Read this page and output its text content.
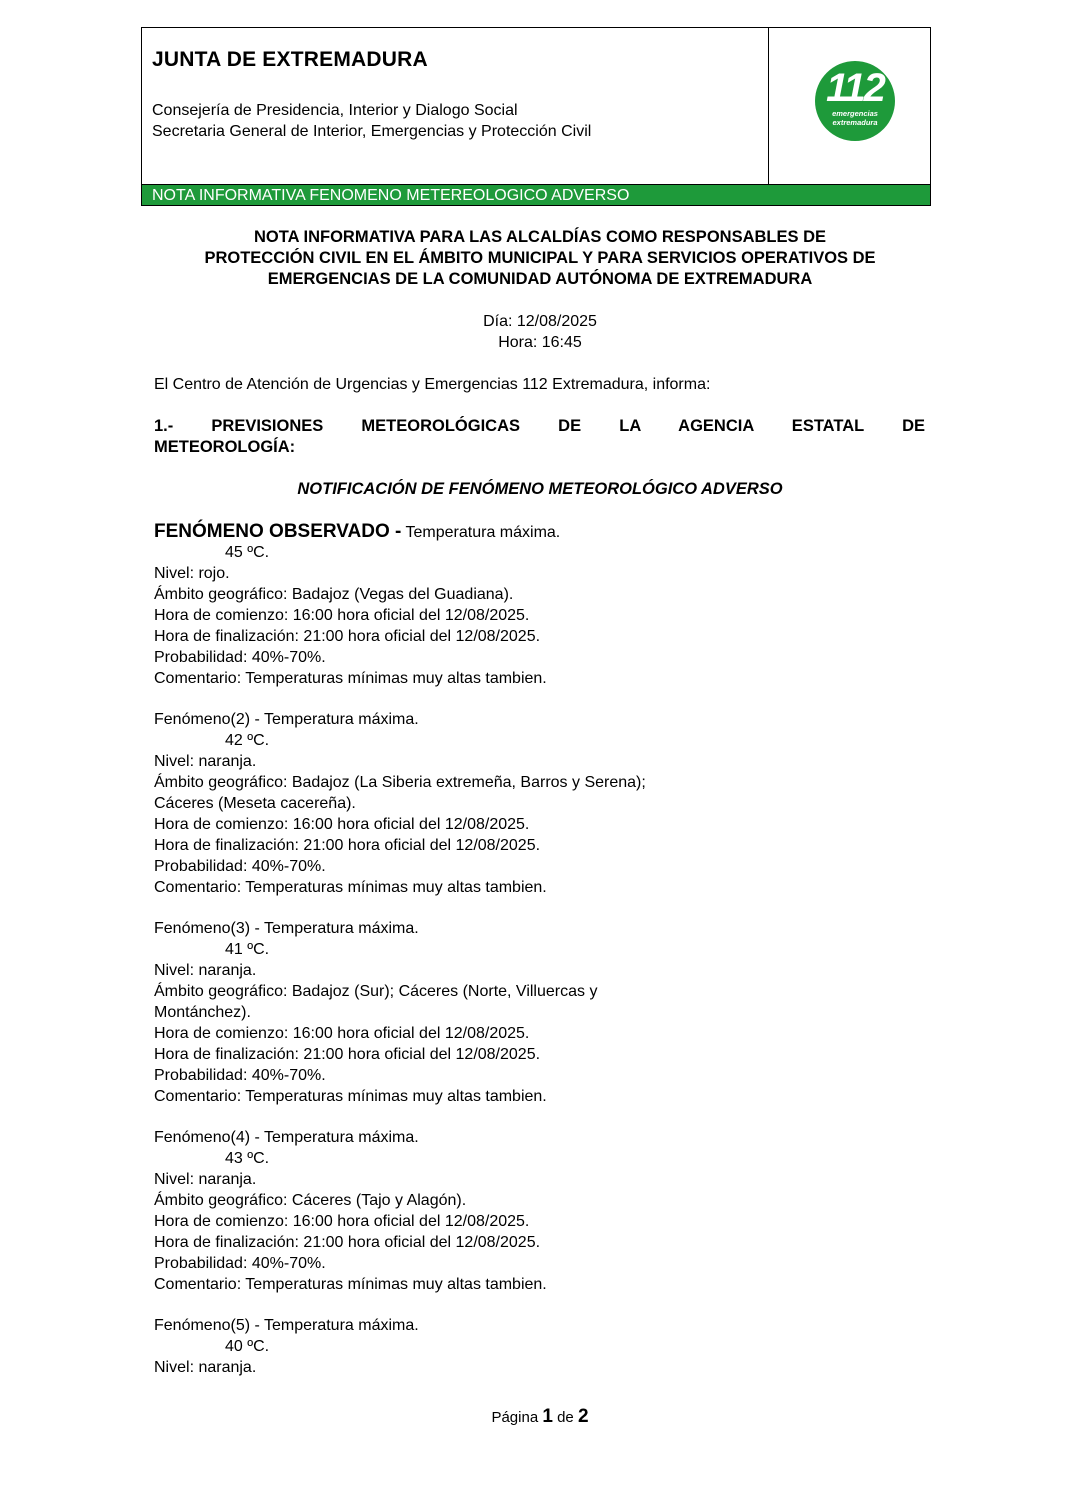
JUNTA DE EXTREMADURA
Consejería de Presidencia, Interior y Dialogo Social
Secretaria General de Interior, Emergencias y Protección Civil
112
emergencias
extremadura
NOTA INFORMATIVA FENOMENO METEREOLOGICO ADVERSO
NOTA INFORMATIVA PARA LAS ALCALDÍAS COMO RESPONSABLES DE
PROTECCIÓN CIVIL EN EL ÁMBITO MUNICIPAL Y PARA SERVICIOS OPERATIVOS DE
EMERGENCIAS DE LA COMUNIDAD AUTÓNOMA DE EXTREMADURA
Día: 12/08/2025
Hora: 16:45
El Centro de Atención de Urgencias y Emergencias 112 Extremadura, informa:
1.- PREVISIONES METEOROLÓGICAS DE LA AGENCIA ESTATAL DE
METEOROLOGÍA:
NOTIFICACIÓN DE FENÓMENO METEOROLÓGICO ADVERSO
FENÓMENO OBSERVADO - Temperatura máxima.
45 ºC.
Nivel: rojo.
Ámbito geográfico: Badajoz (Vegas del Guadiana).
Hora de comienzo: 16:00 hora oficial del 12/08/2025.
Hora de finalización: 21:00 hora oficial del 12/08/2025.
Probabilidad: 40%-70%.
Comentario: Temperaturas mínimas muy altas tambien.
Fenómeno(2) - Temperatura máxima.
42 ºC.
Nivel: naranja.
Ámbito geográfico: Badajoz (La Siberia extremeña, Barros y Serena);
Cáceres (Meseta cacereña).
Hora de comienzo: 16:00 hora oficial del 12/08/2025.
Hora de finalización: 21:00 hora oficial del 12/08/2025.
Probabilidad: 40%-70%.
Comentario: Temperaturas mínimas muy altas tambien.
Fenómeno(3) - Temperatura máxima.
41 ºC.
Nivel: naranja.
Ámbito geográfico: Badajoz (Sur); Cáceres (Norte, Villuercas y
Montánchez).
Hora de comienzo: 16:00 hora oficial del 12/08/2025.
Hora de finalización: 21:00 hora oficial del 12/08/2025.
Probabilidad: 40%-70%.
Comentario: Temperaturas mínimas muy altas tambien.
Fenómeno(4) - Temperatura máxima.
43 ºC.
Nivel: naranja.
Ámbito geográfico: Cáceres (Tajo y Alagón).
Hora de comienzo: 16:00 hora oficial del 12/08/2025.
Hora de finalización: 21:00 hora oficial del 12/08/2025.
Probabilidad: 40%-70%.
Comentario: Temperaturas mínimas muy altas tambien.
Fenómeno(5) - Temperatura máxima.
40 ºC.
Nivel: naranja.
Página 1 de 2
